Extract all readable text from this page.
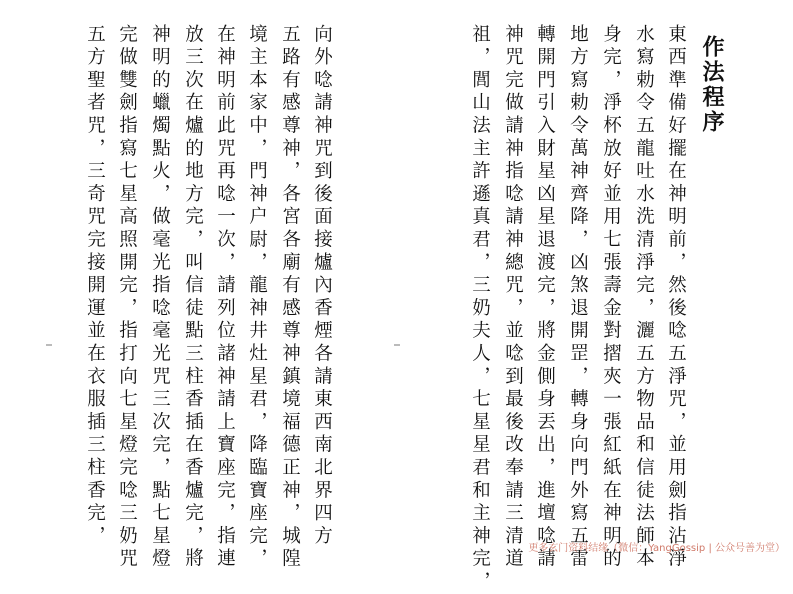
向外唸請神咒到後面接爐內香煙各請東西南北界四方
五路有感尊神，各宮各廟有感尊神鎮境福德正神，城隍
境主本家中，門神户尉，龍神井灶星君，降臨寶座完，
在神明前此咒再唸一次，請列位諸神請上寶座完，指連
放三次在爐的地方完，叫信徒點三柱香插在香爐完，將
神明的蠟燭點火，做毫光指唸毫光咒三次完，點七星燈
完做雙劍指寫七星高照開完，指打向七星燈完唸三奶咒
五方聖者咒，三奇咒完接開運並在衣服插三柱香完，	作法程序
東西準備好擺在神明前，然後唸五淨咒，並用劍指沾淨
水寫勅令五龍吐水洗清淨完，灑五方物品和信徒法師本
身完，淨杯放好並用七張壽金對摺夾一張紅紙在神明的
地方寫勅令萬神齊降，凶煞退開罡，轉身向門外寫五雷
轉開門引入財星凶星退渡完，將金側身丟出，進壇唸請
神咒完做請神指唸請神總咒，並唸到最後改奉請三清道
祖，閭山法主許遜真君，三奶夫人，七星星君和主神完，	更多玄门资料结缘（微信：YangGossip | 公众号善为堂）
